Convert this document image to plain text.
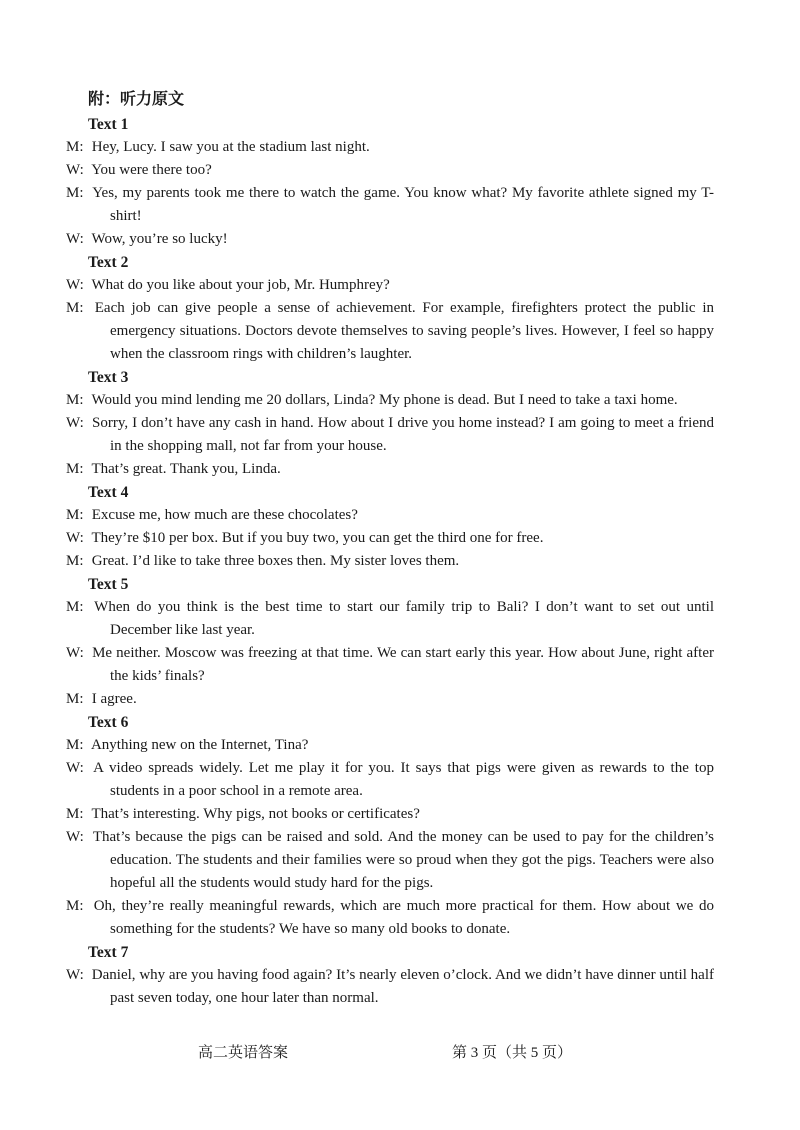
附：听力原文
Text 1
M: Hey, Lucy. I saw you at the stadium last night.
W: You were there too?
M: Yes, my parents took me there to watch the game. You know what? My favorite athlete signed my T-shirt!
W: Wow, you’re so lucky!
Text 2
W: What do you like about your job, Mr. Humphrey?
M: Each job can give people a sense of achievement. For example, firefighters protect the public in emergency situations. Doctors devote themselves to saving people’s lives. However, I feel so happy when the classroom rings with children’s laughter.
Text 3
M: Would you mind lending me 20 dollars, Linda? My phone is dead. But I need to take a taxi home.
W: Sorry, I don’t have any cash in hand. How about I drive you home instead? I am going to meet a friend in the shopping mall, not far from your house.
M: That’s great. Thank you, Linda.
Text 4
M: Excuse me, how much are these chocolates?
W: They’re $10 per box. But if you buy two, you can get the third one for free.
M: Great. I’d like to take three boxes then. My sister loves them.
Text 5
M: When do you think is the best time to start our family trip to Bali? I don’t want to set out until December like last year.
W: Me neither. Moscow was freezing at that time. We can start early this year. How about June, right after the kids’ finals?
M: I agree.
Text 6
M: Anything new on the Internet, Tina?
W: A video spreads widely. Let me play it for you. It says that pigs were given as rewards to the top students in a poor school in a remote area.
M: That’s interesting. Why pigs, not books or certificates?
W: That’s because the pigs can be raised and sold. And the money can be used to pay for the children’s education. The students and their families were so proud when they got the pigs. Teachers were also hopeful all the students would study hard for the pigs.
M: Oh, they’re really meaningful rewards, which are much more practical for them. How about we do something for the students? We have so many old books to donate.
Text 7
W: Daniel, why are you having food again? It’s nearly eleven o’clock. And we didn’t have dinner until half past seven today, one hour later than normal.
高二英语答案	第 3 页（共 5 页）
